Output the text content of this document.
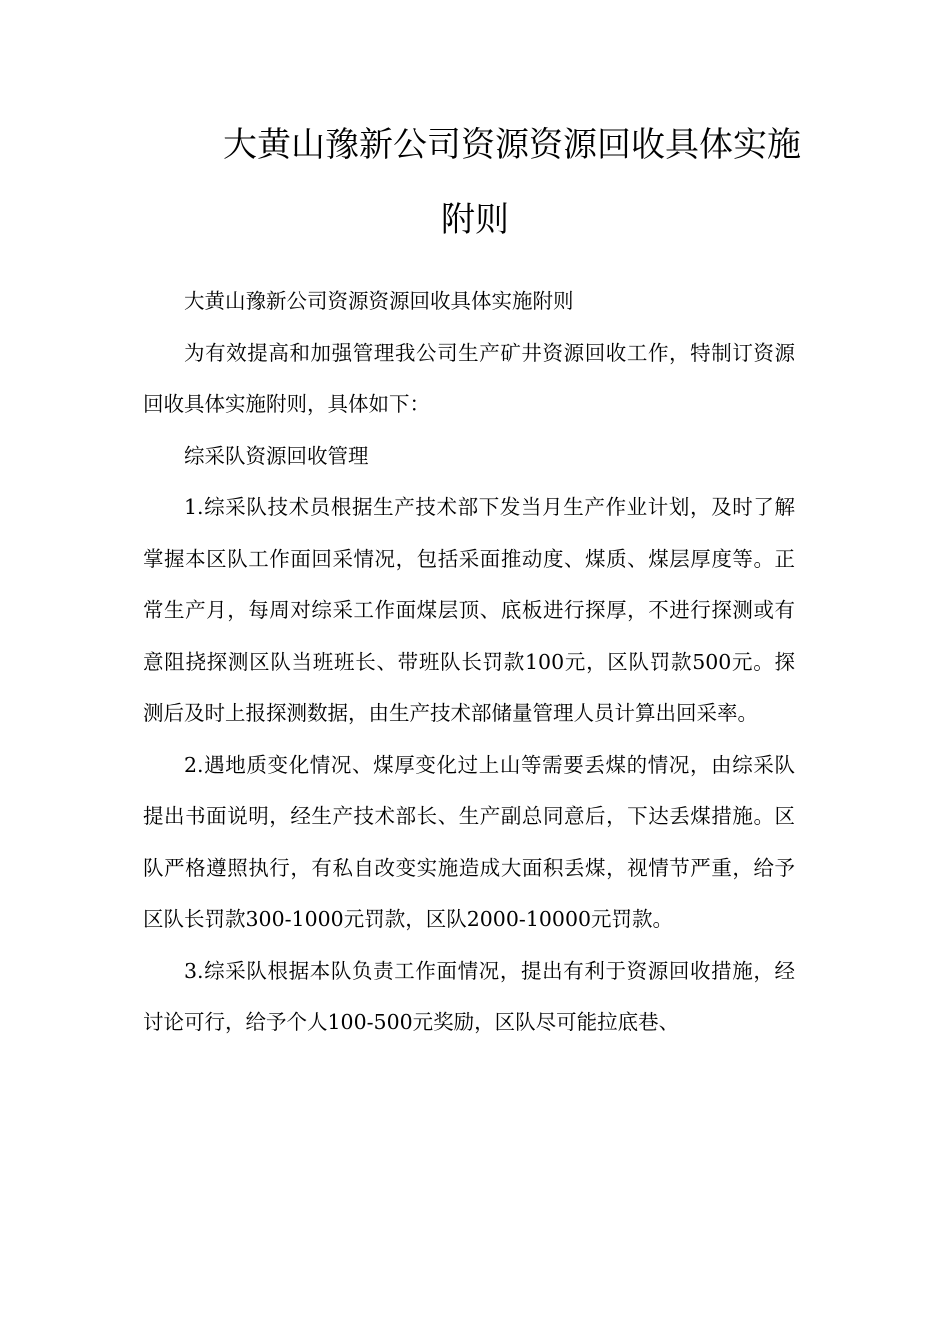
大黄山豫新公司资源资源回收具体实施
附则

大黄山豫新公司资源资源回收具体实施附则

为有效提高和加强管理我公司生产矿井资源回收工作，特制订资源回收具体实施附则，具体如下：

综采队资源回收管理

1.综采队技术员根据生产技术部下发当月生产作业计划，及时了解掌握本区队工作面回采情况，包括采面推动度、煤质、煤层厚度等。正常生产月，每周对综采工作面煤层顶、底板进行探厚，不进行探测或有意阻挠探测区队当班班长、带班队长罚款100元，区队罚款500元。探测后及时上报探测数据，由生产技术部储量管理人员计算出回采率。

2.遇地质变化情况、煤厚变化过上山等需要丢煤的情况，由综采队提出书面说明，经生产技术部长、生产副总同意后，下达丢煤措施。区队严格遵照执行，有私自改变实施造成大面积丢煤，视情节严重，给予区队长罚款300-1000元罚款，区队2000-10000元罚款。

3.综采队根据本队负责工作面情况，提出有利于资源回收措施，经讨论可行，给予个人100-500元奖励，区队尽可能拉底巷、
